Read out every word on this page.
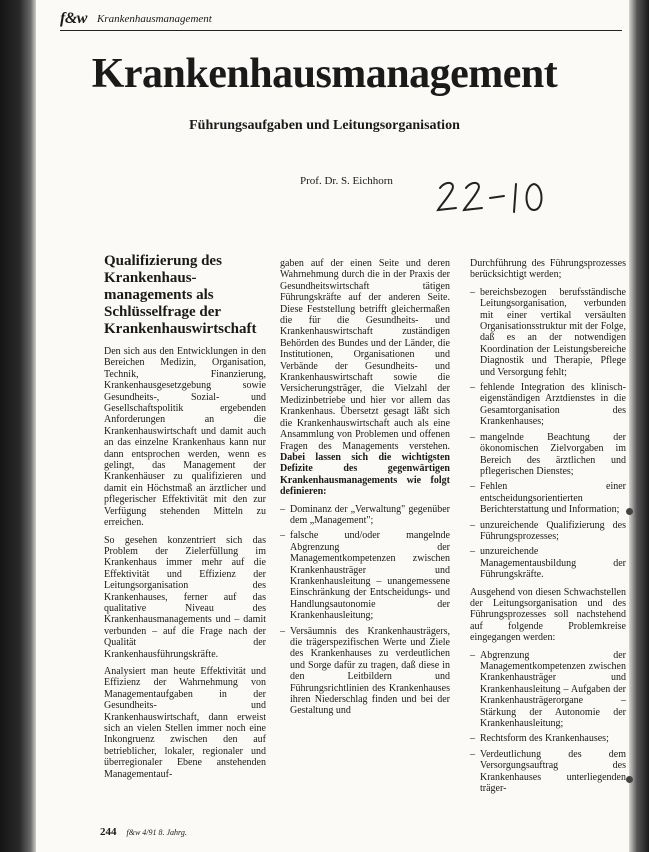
f&w Krankenhausmanagement
Krankenhausmanagement
Führungsaufgaben und Leitungsorganisation
Prof. Dr. S. Eichhorn
Qualifizierung des Krankenhaus-managements als Schlüsselfrage der Krankenhauswirtschaft

Den sich aus den Entwicklungen in den Bereichen Medizin, Organisation, Technik, Finanzierung, Krankenhausgesetzgebung sowie Gesundheits-, Sozial- und Gesellschaftspolitik ergebenden Anforderungen an die Krankenhauswirtschaft und damit auch an das einzelne Krankenhaus kann nur dann entsprochen werden, wenn es gelingt, das Management der Krankenhäuser zu qualifizieren und damit ein Höchstmaß an ärztlicher und pflegerischer Effektivität mit den zur Verfügung stehenden Mitteln zu erreichen.

So gesehen konzentriert sich das Problem der Zielerfüllung im Krankenhaus immer mehr auf die Effektivität und Effizienz der Leitungsorganisation des Krankenhauses, ferner auf das qualitative Niveau des Krankenhausmanagements und – damit verbunden – auf die Frage nach der Qualität der Krankenhausführungskräfte.

Analysiert man heute Effektivität und Effizienz der Wahrnehmung von Managementaufgaben in der Gesundheits- und Krankenhauswirtschaft, dann erweist sich an vielen Stellen immer noch eine Inkongruenz zwischen den auf betrieblicher, lokaler, regionaler und überregionaler Ebene anstehenden Managementauf-

gaben auf der einen Seite und deren Wahrnehmung durch die in der Praxis der Gesundheitswirtschaft tätigen Führungskräfte auf der anderen Seite. Diese Feststellung betrifft gleichermaßen die für die Gesundheits- und Krankenhauswirtschaft zuständigen Behörden des Bundes und der Länder, die Institutionen, Organisationen und Verbände der Gesundheits- und Krankenhauswirtschaft sowie die Versicherungsträger, die Vielzahl der Medizinbetriebe und hier vor allem das Krankenhaus. Übersetzt gesagt läßt sich die Krankenhauswirtschaft auch als eine Ansammlung von Problemen und offenen Fragen des Managements verstehen. Dabei lassen sich die wichtigsten Defizite des gegenwärtigen Krankenhausmanagements wie folgt definieren:

– Dominanz der „Verwaltung" gegenüber dem „Management";
– falsche und/oder mangelnde Abgrenzung der Managementkompetenzen zwischen Krankenhausträger und Krankenhausleitung – unangemessene Einschränkung der Entscheidungs- und Handlungsautonomie der Krankenhausleitung;
– Versäumnis des Krankenhausträgers, die trägerspezifischen Werte und Ziele des Krankenhauses zu verdeutlichen und Sorge dafür zu tragen, daß diese in den Leitbildern und Führungsrichtlinien des Krankenhauses ihren Niederschlag finden und bei der Gestaltung und

Durchführung des Führungsprozesses berücksichtigt werden;

– bereichsbezogen berufsständische Leitungsorganisation, verbunden mit einer vertikal versäulten Organisationsstruktur mit der Folge, daß es an der notwendigen Koordination der Leistungsbereiche Diagnostik und Therapie, Pflege und Versorgung fehlt;
– fehlende Integration des klinisch-eigenständigen Arztdienstes in die Gesamtorganisation des Krankenhauses;
– mangelnde Beachtung der ökonomischen Zielvorgaben im Bereich des ärztlichen und pflegerischen Dienstes;
– Fehlen einer entscheidungsorientierten Berichterstattung und Information;
– unzureichende Qualifizierung des Führungsprozesses;
– unzureichende Managementausbildung der Führungskräfte.

Ausgehend von diesen Schwachstellen der Leitungsorganisation und des Führungsprozesses soll nachstehend auf folgende Problemkreise eingegangen werden:

– Abgrenzung der Managementkompetenzen zwischen Krankenhausträger und Krankenhausleitung – Aufgaben der Krankenhausträgerorgane – Stärkung der Autonomie der Krankenhausleitung;
– Rechtsform des Krankenhauses;
– Verdeutlichung des dem Versorgungsauftrag des Krankenhauses unterliegenden träger-
244 f&w 4/91 8. Jahrg.
